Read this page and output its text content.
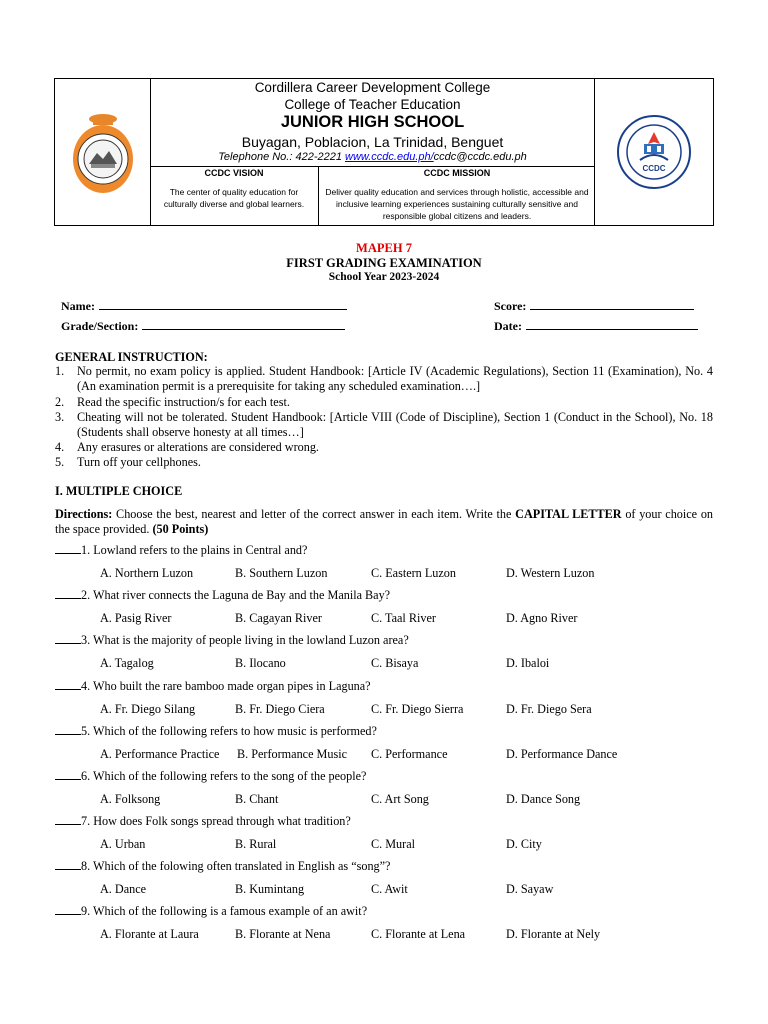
Cordillera Career Development College
College of Teacher Education
JUNIOR HIGH SCHOOL
Buyagan, Poblacion, La Trinidad, Benguet
Telephone No.: 422-2221 www.ccdc.edu.ph/ccdc@ccdc.edu.ph
CCDC VISION
The center of quality education for culturally diverse and global learners.
CCDC MISSION
Deliver quality education and services through holistic, accessible and inclusive learning experiences sustaining culturally sensitive and responsible global citizens and leaders.
CCDC
MAPEH 7
FIRST GRADING EXAMINATION
School Year 2023-2024
Name:
Grade/Section:
Score:
Date:
GENERAL INSTRUCTION:
1. No permit, no exam policy is applied. Student Handbook: [Article IV (Academic Regulations), Section 11 (Examination), No. 4 (An examination permit is a prerequisite for taking any scheduled examination….]
2. Read the specific instruction/s for each test.
3. Cheating will not be tolerated. Student Handbook: [Article VIII (Code of Discipline), Section 1 (Conduct in the School), No. 18 (Students shall observe honesty at all times…]
4. Any erasures or alterations are considered wrong.
5. Turn off your cellphones.
I. MULTIPLE CHOICE
Directions: Choose the best, nearest and letter of the correct answer in each item. Write the CAPITAL LETTER of your choice on the space provided. (50 Points)
1. Lowland refers to the plains in Central and?
A. Northern Luzon	B. Southern Luzon	C. Eastern Luzon	D. Western Luzon
2. What river connects the Laguna de Bay and the Manila Bay?
A. Pasig River	B. Cagayan River	C. Taal River	D. Agno River
3. What is the majority of people living in the lowland Luzon area?
A. Tagalog	B. Ilocano	C. Bisaya	D. Ibaloi
4. Who built the rare bamboo made organ pipes in Laguna?
A. Fr. Diego Silang	B. Fr. Diego Ciera	C. Fr. Diego Sierra	D. Fr. Diego Sera
5. Which of the following refers to how music is performed?
A. Performance Practice B. Performance Music C. Performance	D. Performance Dance
6. Which of the following refers to the song of the people?
A. Folksong	B. Chant	C. Art Song	D. Dance Song
7. How does Folk songs spread through what tradition?
A. Urban	B. Rural	C. Mural	D. City
8. Which of the folowing often translated in English as “song”?
A. Dance	B. Kumintang	C. Awit	D. Sayaw
9. Which of the following is a famous example of an awit?
A. Florante at Laura	B. Florante at Nena	C. Florante at Lena	D. Florante at Nely
